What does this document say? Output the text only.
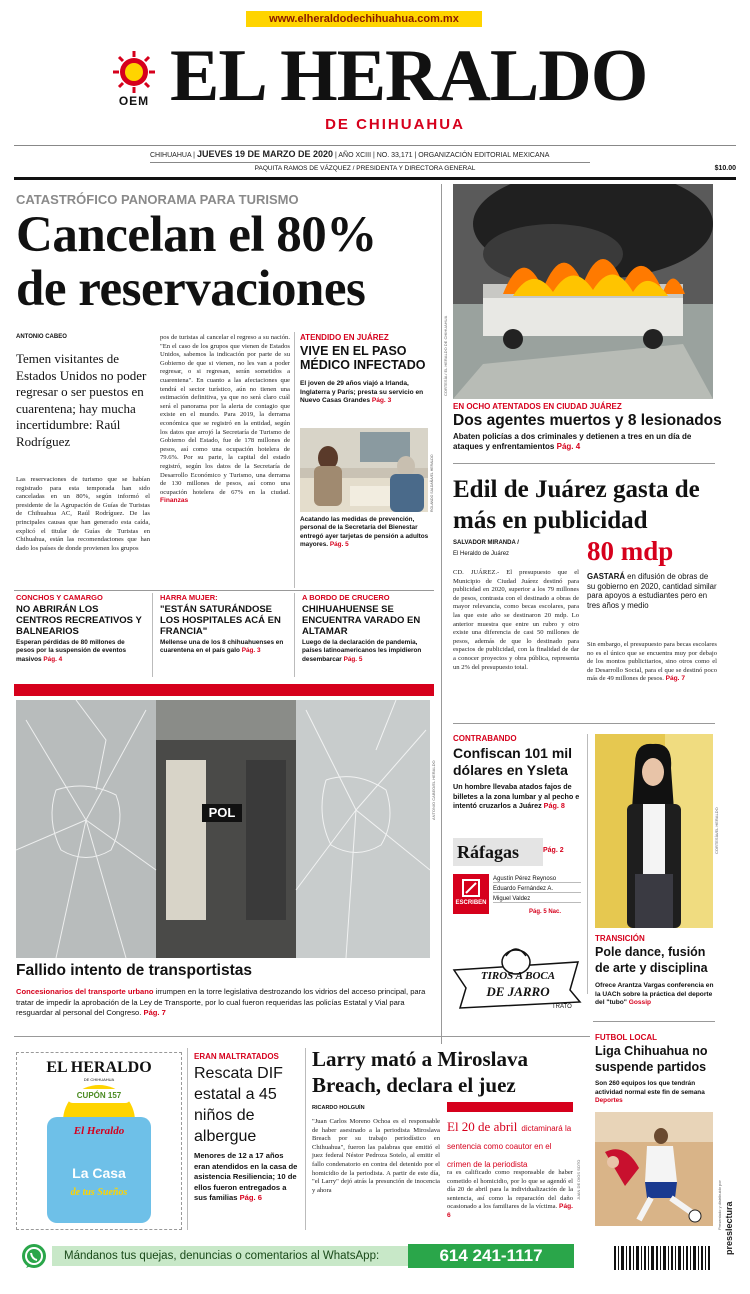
www.elheraldodechihuahua.com.mx
OEM EL HERALDO
DE CHIHUAHUA
CHIHUAHUA | JUEVES 19 DE MARZO DE 2020 | AÑO XCIII | NO. 33,171 | ORGANIZACIÓN EDITORIAL MEXICANA
PAQUITA RAMOS DE VÁZQUEZ / PRESIDENTA Y DIRECTORA GENERAL	$10.00
CATASTRÓFICO PANORAMA PARA TURISMO
Cancelan el 80% de reservaciones
ANTONIO CABEO
Temen visitantes de Estados Unidos no poder regresar o ser puestos en cuarentena; hay mucha incertidumbre: Raúl Rodríguez
Las reservaciones de turismo que se habían registrado para esta temporada han sido canceladas en un 80%, según informó el presidente de la Agrupación de Guías de Turistas de Chihuahua AC, Raúl Rodríguez. De las principales causas que han generado esta caída, explicó el titular de Guías de Turistas en Chihuahua, están las recomendaciones que han dado los países de donde provienen los grupos
pos de turistas al cancelar el regreso a su nación. "En el caso de los grupos que vienen de Estados Unidos, sabemos la indicación por parte de su Gobierno de que si vienen, no les van a poder regresar, o si regresan, serán sometidos a cuarentena". En cuanto a las afectaciones que tendrá el sector turístico, aún no tienen una estimación definitiva, ya que no será claro cuál será el panorama por la alerta de contagio que existe en el mundo. Para 2019, la derrama económica que se registró en la entidad, según los datos que arrojó la Secretaría de Turismo de Gobierno del Estado, fue de 178 millones de pesos, así como una ocupación hotelera de 79.6%. Por su parte, la capital del estado registró, según los datos de la Secretaría de Desarrollo Económico y Turismo, una derrama de 130 millones de pesos, así como una ocupación hotelera de 67% en la ciudad. Finanzas
ATENDIDO EN JUÁREZ
VIVE EN EL PASO MÉDICO INFECTADO
El joven de 29 años viajó a Irlanda, Inglaterra y París; presta su servicio en Nuevo Casas Grandes Pág. 3
ROLANDO SALDAÑA/EL HERALDO
Acatando las medidas de prevención, personal de la Secretaría del Bienestar entregó ayer tarjetas de pensión a adultos mayores. Pág. 5
CORTESÍA / EL HERALDO DE CHIHUAHUA
EN OCHO ATENTADOS EN CIUDAD JUÁREZ
Dos agentes muertos y 8 lesionados
Abaten policías a dos criminales y detienen a tres en un día de ataques y enfrentamientos Pág. 4
Edil de Juárez gasta de más en publicidad
SALVADOR MIRANDA /
El Heraldo de Juárez	80 mdp
GASTARÁ en difusión de obras de su gobierno en 2020, cantidad similar para apoyos a estudiantes pero en tres años y medio
CD. JUÁREZ.- El presupuesto que el Municipio de Ciudad Juárez destinó para publicidad en 2020, superior a los 79 millones de pesos, contrasta con el destinado a obras de mayor relevancia, como becas escolares, para las que este año se destinaron 20 mdp. Lo anterior muestra que entre un rubro y otro existe una diferencia de casi 50 millones de pesos, además de que lo destinado para espacios de publicidad, con la finalidad de dar a conocer proyectos y obra pública, representa un 2% del presupuesto total.
Sin embargo, el presupuesto para becas escolares no es el único que se encuentra muy por debajo de los montos publicitarios, sino otros como el de Desarrollo Social, para el que se destinó poco más de 49 millones de pesos. Pág. 7
CONCHOS Y CAMARGO
NO ABRIRÁN LOS CENTROS RECREATIVOS Y BALNEARIOS
Esperan pérdidas de 80 millones de pesos por la suspensión de eventos masivos Pág. 4
HARRA MUJER:
"ESTÁN SATURÁNDOSE LOS HOSPITALES ACÁ EN FRANCIA"
Mellense una de los 8 chihuahuenses en cuarentena en el país galo Pág. 3
A BORDO DE CRUCERO
CHIHUAHUENSE SE ENCUENTRA VARADO EN ALTAMAR
Luego de la declaración de pandemia, países latinoamericanos les impidieron desembarcar Pág. 5
POL	ANTONIO CABEO/EL HERALDO
Fallido intento de transportistas
Concesionarios del transporte urbano irrumpen en la torre legislativa destrozando los vidrios del acceso principal, para tratar de impedir la aprobación de la Ley de Transporte, por lo cual fueron requeridas las policías Estatal y Vial para resguardar al personal del Congreso. Pág. 7
CONTRABANDO
Confiscan 101 mil dólares en Ysleta
Un hombre llevaba atados fajos de billetes a la zona lumbar y al pecho e intentó cruzarlos a Juárez Pág. 8
Ráfagas	Pág. 2
ESCRIBEN
Agustín Pérez Reynoso
Eduardo Fernández A.
Miguel Valdez
Pág. 5 Nac.
TIROS A BOCA
DE JARRO
TRATO
CORTESÍA/EL HERALDO
TRANSICIÓN
Pole dance, fusión de arte y disciplina
Ofrece Arantza Vargas conferencia en la UACh sobre la práctica del deporte del "tubo" Gossip
EL HERALDO
DE CHIHUAHUA
CUPÓN 157
El Heraldo
La Casa
de tus Sueños
ERAN MALTRATADOS
Rescata DIF estatal a 45 niños de albergue
Menores de 12 a 17 años eran atendidos en la casa de asistencia Resiliencia; 10 de ellos fueron entregados a sus familias Pág. 6
Larry mató a Miroslava Breach, declara el juez
RICARDO HOLGUÍN
"Juan Carlos Moreno Ochoa es el responsable de haber asesinado a la periodista Miroslava Breach por su trabajo periodístico en Chihuahua", fueron las palabras que emitió el juez federal Néstor Pedroza Sotelo, al emitir el fallo condenatorio en contra del detenido por el homicidio de la periodista. A partir de este día, "el Larry" dejó atrás la presunción de inocencia y ahora
El 20 de abril dictaminará la sentencia como coautor en el crimen de la periodista
ra es calificado como responsable de haber cometido el homicidio, por lo que se agendó el día 20 de abril para la individualización de la sentencia, así como la reparación del daño ocasionado a los familiares de la víctima. Pág. 6
JUAN DE DIOS SOTO
FUTBOL LOCAL
Liga Chihuahua no suspende partidos
Son 260 equipos los que tendrán actividad normal este fin de semana Deportes
presslectura
Presentado y distribuido por
Mándanos tus quejas, denuncias o comentarios al WhatsApp:	614 241-1117
